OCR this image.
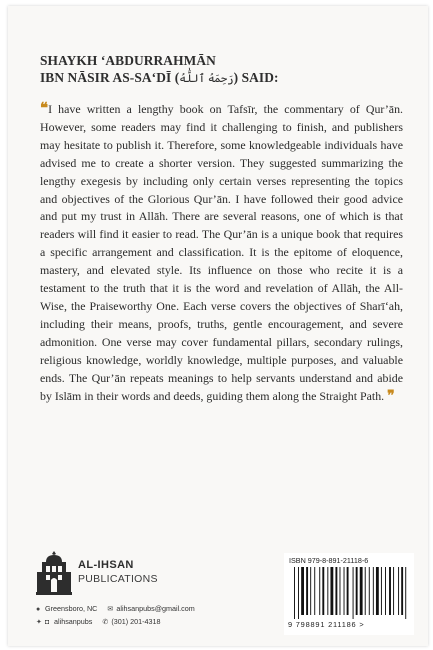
SHAYKH ‘ABDURRAHMĀN
IBN NĀSIR AS-SA‘DĪ (رَحِمَهُ ٱللَّٰهُ) SAID:
❝I have written a lengthy book on Tafsīr, the commentary of Qur’ān. However, some readers may find it challenging to finish, and publishers may hesitate to publish it. Therefore, some knowledgeable individuals have advised me to create a shorter version. They suggested summarizing the lengthy exegesis by including only certain verses representing the topics and objectives of the Glorious Qur’ān. I have followed their good advice and put my trust in Allāh. There are several reasons, one of which is that readers will find it easier to read. The Qur’ān is a unique book that requires a specific arrangement and classification. It is the epitome of eloquence, mastery, and elevated style. Its influence on those who recite it is a testament to the truth that it is the word and revelation of Allāh, the All-Wise, the Praiseworthy One. Each verse covers the objectives of Sharī‘ah, including their means, proofs, truths, gentle encouragement, and severe admonition. One verse may cover fundamental pillars, secondary rulings, religious knowledge, worldly knowledge, multiple purposes, and valuable ends. The Qur’ān repeats meanings to help servants understand and abide by Islām in their words and deeds, guiding them along the Straight Path. ❞
AL-IHSAN
PUBLICATIONS
● Greensboro, NC ✉ alihsanpubs@gmail.com
✦ ◘ alihsanpubs ✆ (301) 201-4318
ISBN 979-8-891-21118-6
9 798891 211186 >
